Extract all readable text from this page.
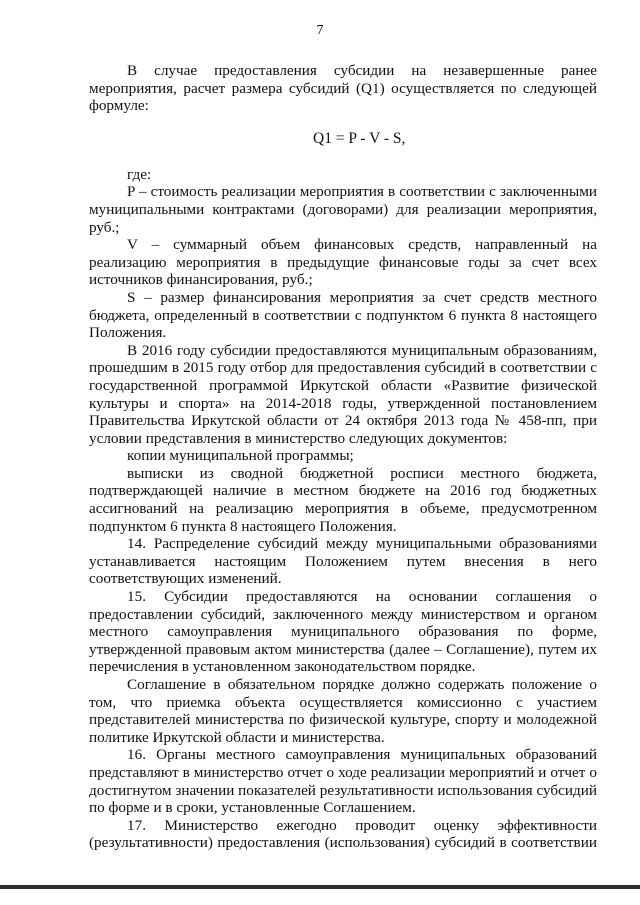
7

В случае предоставления субсидии на незавершенные ранее мероприятия, расчет размера субсидий (Q1) осуществляется по следующей формуле:

Q1 = P - V - S,

где:

P – стоимость реализации мероприятия в соответствии с заключенными муниципальными контрактами (договорами) для реализации мероприятия, руб.;

V – суммарный объем финансовых средств, направленный на реализацию мероприятия в предыдущие финансовые годы за счет всех источников финансирования, руб.;

S – размер финансирования мероприятия за счет средств местного бюджета, определенный в соответствии с подпунктом 6 пункта 8 настоящего Положения.

В 2016 году субсидии предоставляются муниципальным образованиям, прошедшим в 2015 году отбор для предоставления субсидий в соответствии с государственной программой Иркутской области «Развитие физической культуры и спорта» на 2014-2018 годы, утвержденной постановлением Правительства Иркутской области от 24 октября 2013 года № 458-пп, при условии представления в министерство следующих документов:

копии муниципальной программы;

выписки из сводной бюджетной росписи местного бюджета, подтверждающей наличие в местном бюджете на 2016 год бюджетных ассигнований на реализацию мероприятия в объеме, предусмотренном подпунктом 6 пункта 8 настоящего Положения.

14. Распределение субсидий между муниципальными образованиями устанавливается настоящим Положением путем внесения в него соответствующих изменений.

15. Субсидии предоставляются на основании соглашения о предоставлении субсидий, заключенного между министерством и органом местного самоуправления муниципального образования по форме, утвержденной правовым актом министерства (далее – Соглашение), путем их перечисления в установленном законодательством порядке.

Соглашение в обязательном порядке должно содержать положение о том, что приемка объекта осуществляется комиссионно с участием представителей министерства по физической культуре, спорту и молодежной политике Иркутской области и министерства.

16. Органы местного самоуправления муниципальных образований представляют в министерство отчет о ходе реализации мероприятий и отчет о достигнутом значении показателей результативности использования субсидий по форме и в сроки, установленные Соглашением.

17. Министерство ежегодно проводит оценку эффективности (результативности) предоставления (использования) субсидий в соответствии
